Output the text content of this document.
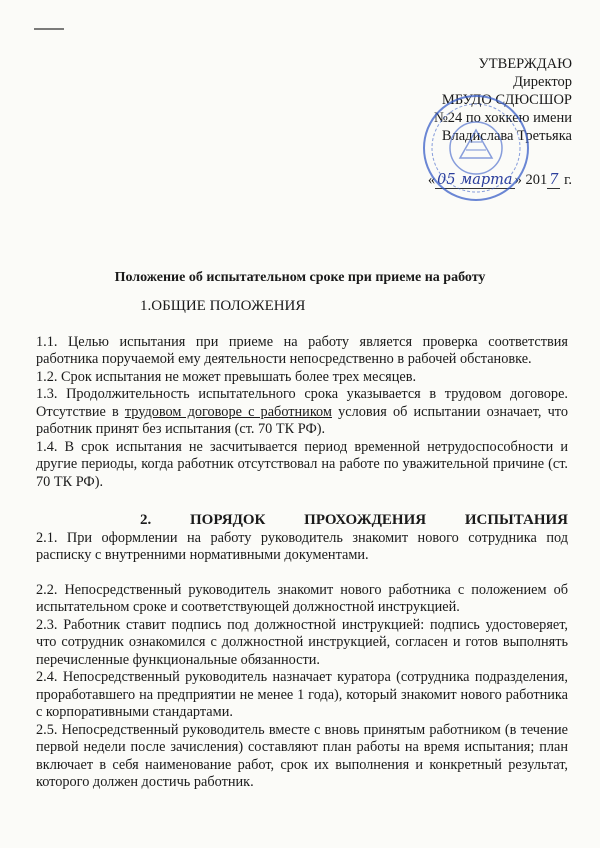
УТВЕРЖДАЮ
Директор
МБУДО СДЮСШОР
№24 по хоккею имени
Владислава Третьяка
« 05 марта » 201 7 г.
Положение об испытательном сроке при приеме на работу

1.ОБЩИЕ ПОЛОЖЕНИЯ

1.1. Целью испытания при приеме на работу является проверка соответствия работника поручаемой ему деятельности непосредственно в рабочей обстановке.

1.2. Срок испытания не может превышать более трех месяцев.

1.3. Продолжительность испытательного срока указывается в трудовом договоре. Отсутствие в трудовом договоре с работником условия об испытании означает, что работник принят без испытания (ст. 70 ТК РФ).

1.4. В срок испытания не засчитывается период временной нетрудоспособности и другие периоды, когда работник отсутствовал на работе по уважительной причине (ст. 70 ТК РФ).

2.	ПОРЯДОК	ПРОХОЖДЕНИЯ	ИСПЫТАНИЯ

2.1. При оформлении на работу руководитель знакомит нового сотрудника под расписку с внутренними нормативными документами.

2.2. Непосредственный руководитель знакомит нового работника с положением об испытательном сроке и соответствующей должностной инструкцией.

2.3. Работник ставит подпись под должностной инструкцией: подпись удостоверяет, что сотрудник ознакомился с должностной инструкцией, согласен и готов выполнять перечисленные функциональные обязанности.

2.4. Непосредственный руководитель назначает куратора (сотрудника подразделения, проработавшего на предприятии не менее 1 года), который знакомит нового работника с корпоративными стандартами.

2.5. Непосредственный руководитель вместе с вновь принятым работником (в течение первой недели после зачисления) составляют план работы на время испытания; план включает в себя наименование работ, срок их выполнения и конкретный результат, которого должен достичь работник.
